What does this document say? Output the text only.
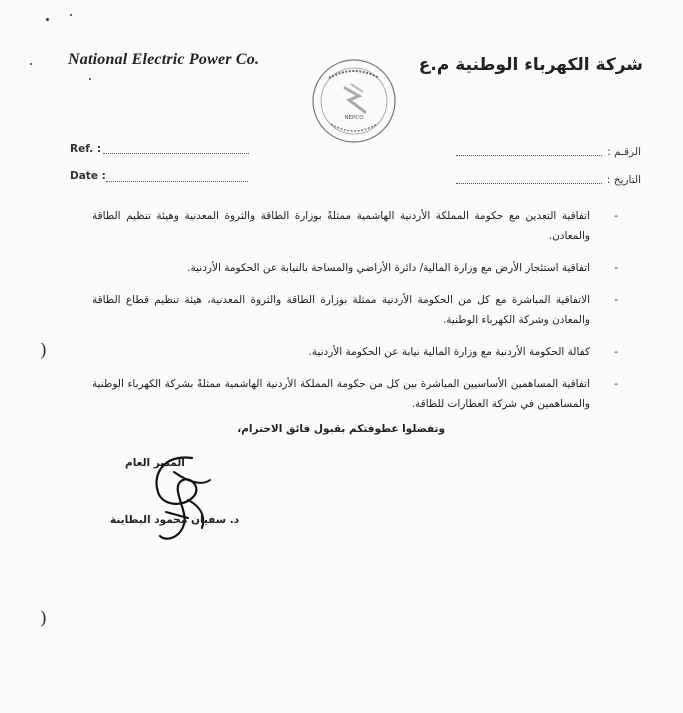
National Electric Power Co.	شركة الكهرباء الوطنية م.ع
NEPCO
Ref. :
Date :
الرقـم :
التاريخ :
-
اتفاقية التعدين مع حكومة المملكة الأردنية الهاشمية ممثلةً بوزارة الطاقة والثروة المعدنية وهيئة تنظيم الطاقة والمعادن.
-
اتفاقية استئجار الأرض مع وزارة المالية/ دائرة الأراضي والمساحة بالنيابة عن الحكومة الأردنية.
-
الاتفاقية المباشرة مع كل من الحكومة الأردنية ممثلة بوزارة الطاقة والثروة المعدنية، هيئة تنظيم قطاع الطاقة والمعادن وشركة الكهرباء الوطنية.
-
كفالة الحكومة الأردنية مع وزارة المالية نيابة عن الحكومة الأردنية.
-
اتفاقية المساهمين الأساسيين المباشرة بين كل من حكومة المملكة الأردنية الهاشمية ممثلةً بشركة الكهرباء الوطنية والمساهمين في شركة العطارات للطاقة.
وتفضلوا عطوفتكم بقبول فائق الاحترام،
المدير العام
د. سفيان محمود البطاينة
)
)
